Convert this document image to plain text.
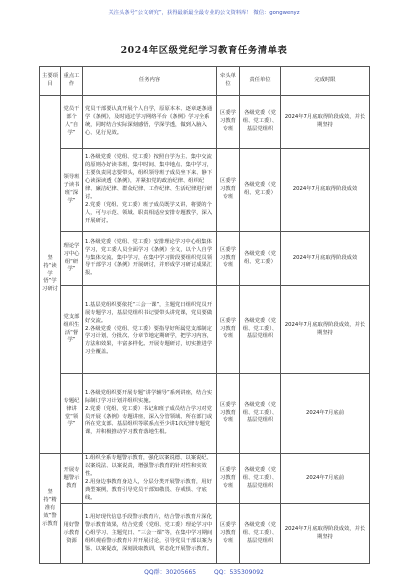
关注头条号“公文研究”，获得最新最全最专业的公文资料库！ 微信：gongwenyz
2024年区级党纪学习教育任务清单表
主要项目	重点工作	任务内容	牵头单位	责任单位	完成时限
坚持“读学悟”学习研讨	党员干部个人“自学”	党员干部要认真开展个人自学，原原本本、逐章逐条通学《条例》，及时通过学习网络平台《条例》学习全系统，同时结合实际深刻感悟，学深学透，做到入脑入心、见行见效。	区委学习教育专班	各级党委（党组、党工委）、基层党组织	2024年7月底取得阶段成效，并长期坚持
	领导班子读书班“深学”	1.各级党委（党组、党工委）按照自学为主、集中交流的原则办好读书班，集中时间、集中地点、集中学习，主要负责同志要带头，组织领导班子成员坐下来、静下心读深读透《条例》，并紧扣党的政治纪律、组织纪律、廉洁纪律、群众纪律、工作纪律、生活纪律进行研讨。

2.党委（党组、党工委）班子成员既学又讲，将要的个人，可与示范、领域、职责相适应安排专题教学，深入开展研讨。	区委学习教育专班	各级党委（党组、党工委）	2024年7月底取得阶段成效
	理论学习中心组“研学”	1.各级党委（党组、党工委）安排理论学习中心组集体学习，党工委人员全面学习《条例》全文，以个人自学与集体交流、集中学习，在集中学习阶段要组织党员领导干部学习《条例》开展研讨，并形成学习研讨成果汇报。	区委学习教育专班	各级党委（党组、党工委）	2024年7月底取得阶段成效
	党支部组织生活“督学”	1.基层党组织要依托“三会一课”，主题党日组织党员开展专题学习，基层党组织书记要带头讲党课，党员要做好交流。

2.各级党委（党组、党工委）要指导好所属党支部制定学习计划，分批次、分章节地定期研学，把学习内容，方法和效果，丰富多样化。开展专题研讨，切实推进学习全覆盖。	区委学习教育专班	各级党委（党组、党工委）、基层党组织	2024年7月底取得阶段成效，并长期坚持
	专题纪律讲堂“领学”	1.各级党组织要开展专题“讲学辅导”系列讲座，结合实际制订学习计划并组织实施。

2.党委（党组、党工委）书记和班子成员结合学习对党员开展《条例》专题讲座，深入分管领域、所在部门或所在党支部、基层组织等联系点至少讲1次纪律专题党课，并积极推动学习教育落地生根。	区委学习教育专班	各级党委（党组、党工委）、基层党组织	2024年7月底前
坚持“精准有效”警示教育	开展专题警示教育	1.组织全系专题警示教育，强化以案说德、以案说纪、以案说法、以案说责，增强警示教育的针对性和实效性。

2.用身边事教育身边人，分层分类开展警示教育，用好典型案例，教育引导党员干部知敬畏、存戒惧、守底线。	区委学习教育专班	各级党委（党组、党工委）、基层党组织	2024年7月底前
	用好警示教育资源	1.用好现代信息手段警示教育片，结合警示教育片深化警示教育效果，结合党委（党组、党工委）理论学习中心组学习、主题党日、“三会一课”等，在集中学习期间组织观看警示教育片并开展讨论，引导党员干部以案为鉴、以案促改，深刻汲取教训，常态化开展警示教育。	区委学习教育专班	各级党委（党组、党工委）、基层党组织	2024年7月底取得阶段成效，并长期坚持
QQ群：30205665	QQ：535309092
